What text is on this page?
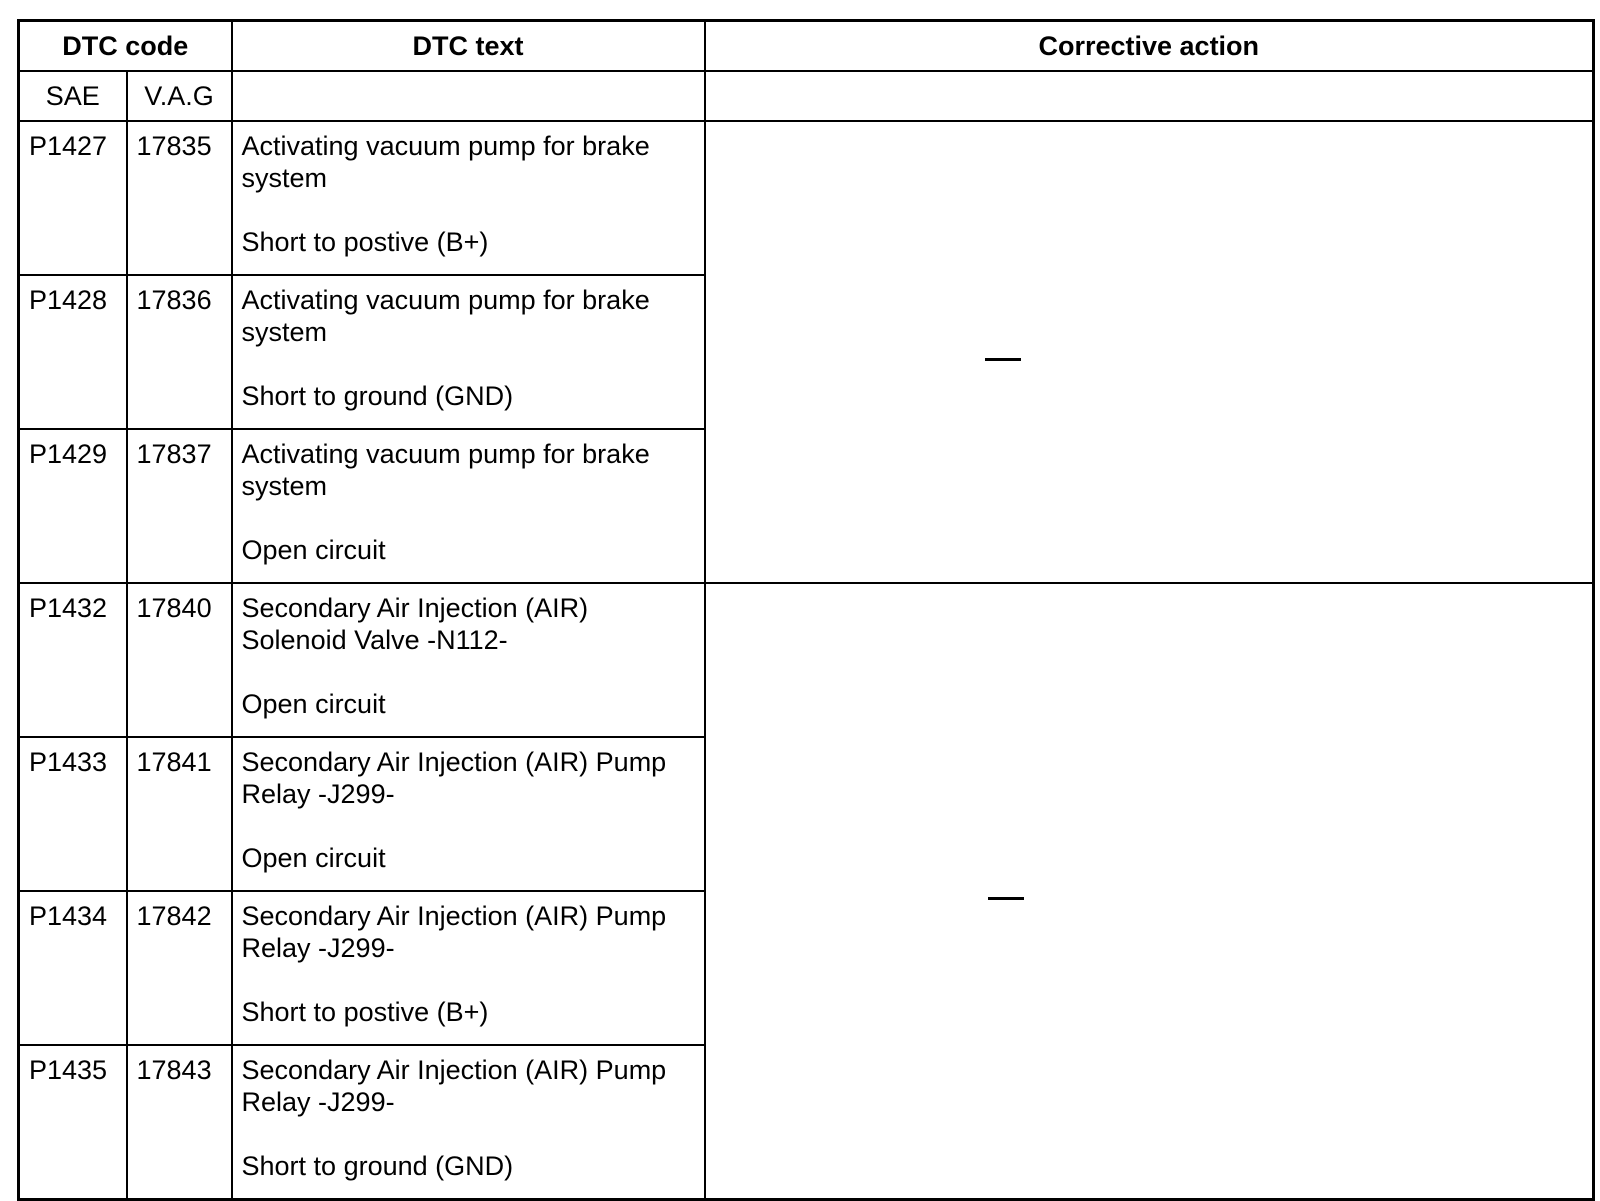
DTC code		DTC text	Corrective action
SAE	V.A.G		
P1427	17835	Activating vacuum pump for brake
system
Short to postive (B+)	

P1428	17836	Activating vacuum pump for brake
system
Short to ground (GND)	

P1429	17837	Activating vacuum pump for brake
system
Open circuit	

P1432	17840	Secondary Air Injection (AIR)
Solenoid Valve -N112-
Open circuit	

P1433	17841	Secondary Air Injection (AIR) Pump
Relay -J299-
Open circuit	

P1434	17842	Secondary Air Injection (AIR) Pump
Relay -J299-
Short to postive (B+)	

P1435	17843	Secondary Air Injection (AIR) Pump
Relay -J299-
Short to ground (GND)	
